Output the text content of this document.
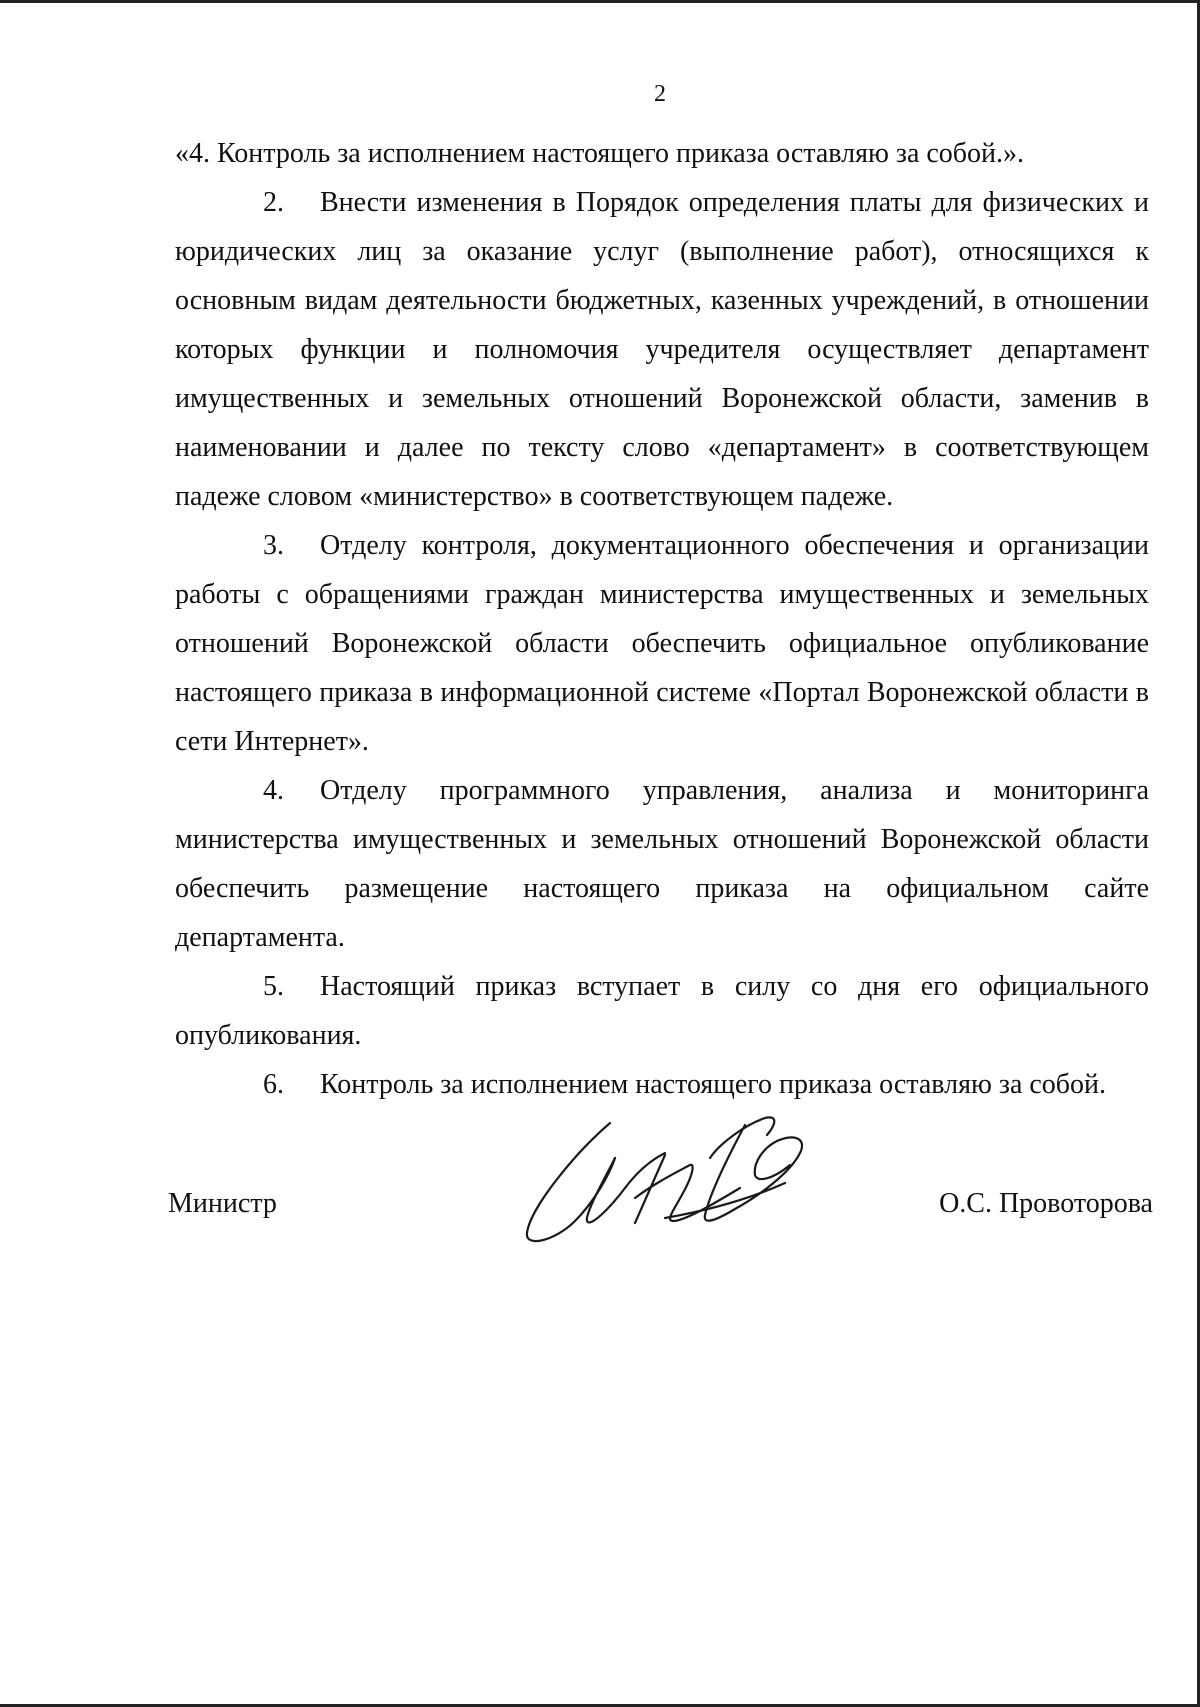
2

«4. Контроль за исполнением настоящего приказа оставляю за собой.».

2. Внести изменения в Порядок определения платы для физических и юридических лиц за оказание услуг (выполнение работ), относящихся к основным видам деятельности бюджетных, казенных учреждений, в отношении которых функции и полномочия учредителя осуществляет департамент имущественных и земельных отношений Воронежской области, заменив в наименовании и далее по тексту слово «департамент» в соответствующем падеже словом «министерство» в соответствующем падеже.

3. Отделу контроля, документационного обеспечения и организации работы с обращениями граждан министерства имущественных и земельных отношений Воронежской области обеспечить официальное опубликование настоящего приказа в информационной системе «Портал Воронежской области в сети Интернет».

4. Отделу программного управления, анализа и мониторинга министерства имущественных и земельных отношений Воронежской области обеспечить размещение настоящего приказа на официальном сайте департамента.

5. Настоящий приказ вступает в силу со дня его официального опубликования.

6. Контроль за исполнением настоящего приказа оставляю за собой.

Министр	О.С. Провоторова
